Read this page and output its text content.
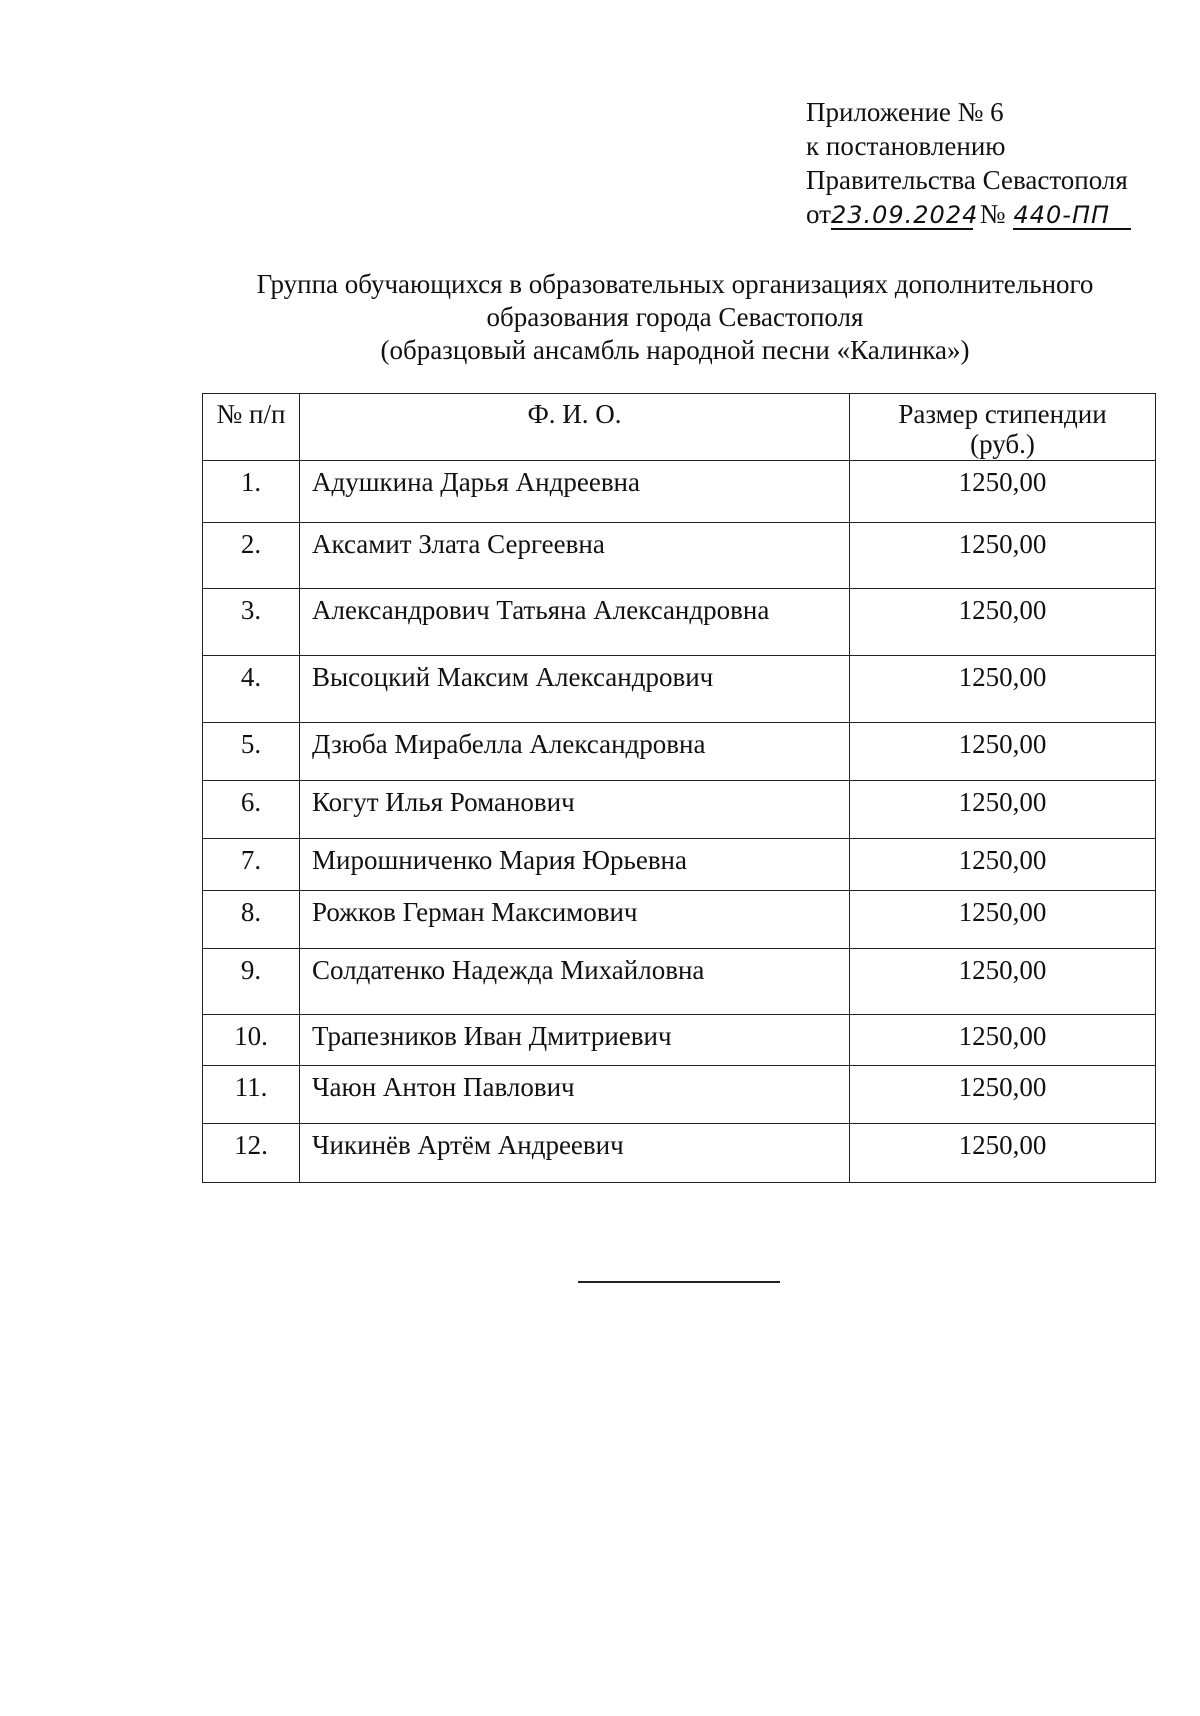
Приложение № 6
к постановлению
Правительства Севастополя
от23.09.2024 № 440-ПП
Группа обучающихся в образовательных организациях дополнительного
образования города Севастополя
(образцовый ансамбль народной песни «Калинка»)
№ п/п	Ф. И. О.	Размер стипендии (руб.)
1.	Адушкина Дарья Андреевна	1250,00
2.	Аксамит Злата Сергеевна	1250,00
3.	Александрович Татьяна Александровна	1250,00
4.	Высоцкий Максим Александрович	1250,00
5.	Дзюба Мирабелла Александровна	1250,00
6.	Когут Илья Романович	1250,00
7.	Мирошниченко Мария Юрьевна	1250,00
8.	Рожков Герман Максимович	1250,00
9.	Солдатенко Надежда Михайловна	1250,00
10.	Трапезников Иван Дмитриевич	1250,00
11.	Чаюн Антон Павлович	1250,00
12.	Чикинёв Артём Андреевич	1250,00
